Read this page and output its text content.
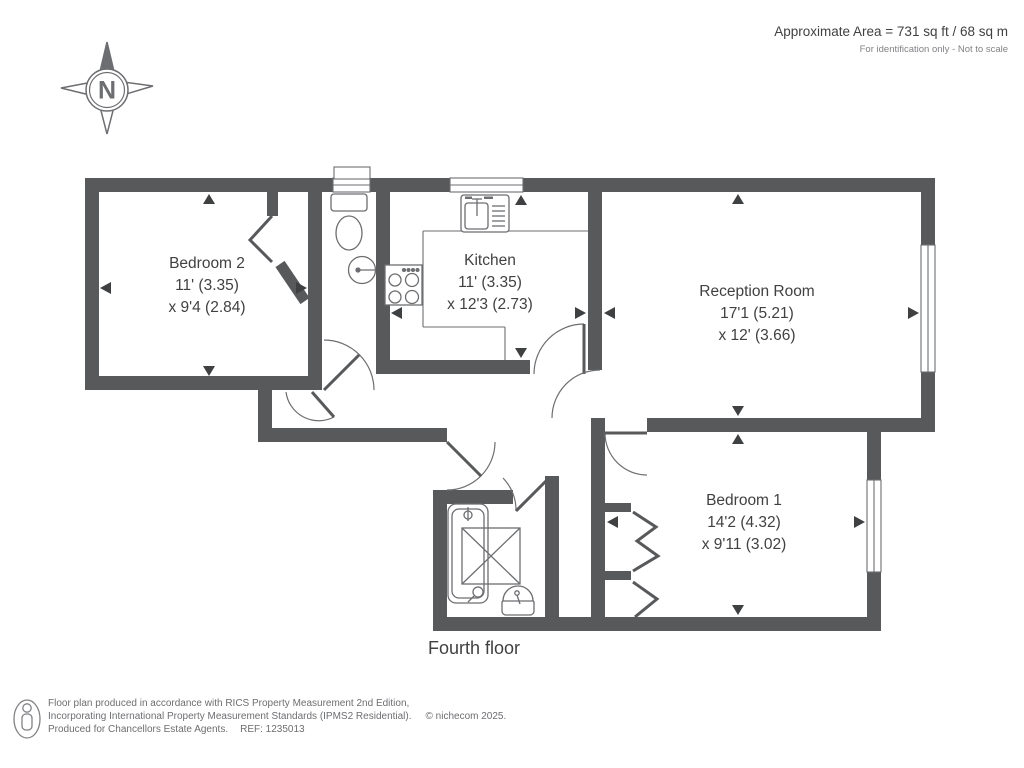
N
Approximate Area = 731 sq ft / 68 sq m
For identification only - Not to scale
Bedroom 2
11' (3.35)
x 9'4 (2.84)
Kitchen
11' (3.35)
x 12'3 (2.73)
Reception Room
17'1 (5.21)
x 12' (3.66)
Bedroom 1
14'2 (4.32)
x 9'11 (3.02)
Fourth floor
Floor plan produced in accordance with RICS Property Measurement 2nd Edition,
Incorporating International Property Measurement Standards (IPMS2 Residential). © nichecom 2025.
Produced for Chancellors Estate Agents. REF: 1235013
